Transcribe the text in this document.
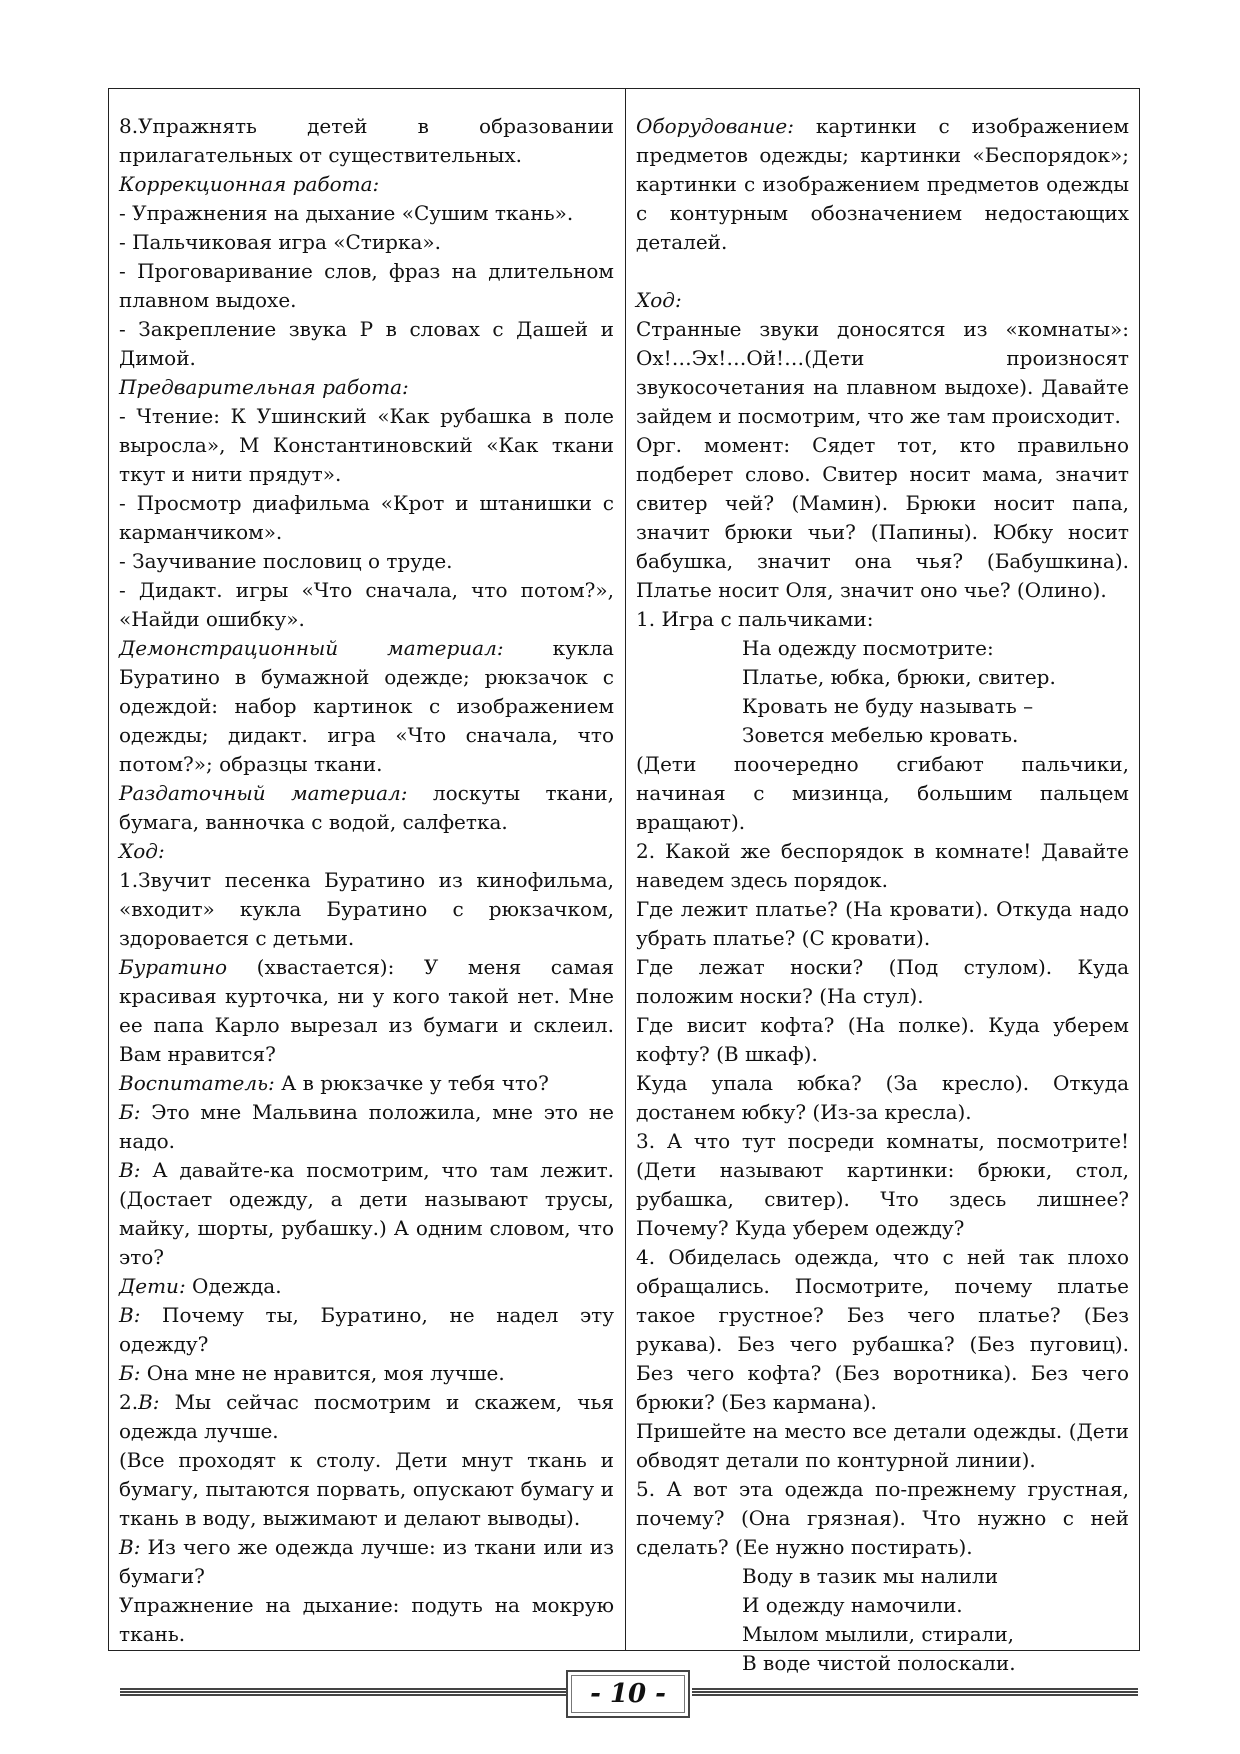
8.Упражнять детей в образовании прилагательных от существительных.

Коррекционная работа:

- Упражнения на дыхание «Сушим ткань».

- Пальчиковая игра «Стирка».

- Проговаривание слов, фраз на длительном плавном выдохе.

- Закрепление звука Р в словах с Дашей и Димой.

Предварительная работа:

- Чтение: К Ушинский «Как рубашка в поле выросла», М Константиновский «Как ткани ткут и нити прядут».

- Просмотр диафильма «Крот и штанишки с карманчиком».

- Заучивание пословиц о труде.

- Дидакт. игры «Что сначала, что потом?», «Найди ошибку».

Демонстрационный материал: кукла Буратино в бумажной одежде; рюкзачок с одеждой: набор картинок с изображением одежды; дидакт. игра «Что сначала, что потом?»; образцы ткани.

Раздаточный материал: лоскуты ткани, бумага, ванночка с водой, салфетка.

Ход:

1.Звучит песенка Буратино из кинофильма, «входит» кукла Буратино с рюкзачком, здоровается с детьми.

Буратино (хвастается): У меня самая красивая курточка, ни у кого такой нет. Мне ее папа Карло вырезал из бумаги и склеил. Вам нравится?

Воспитатель: А в рюкзачке у тебя что?

Б: Это мне Мальвина положила, мне это не надо.

В: А давайте-ка посмотрим, что там лежит. (Достает одежду, а дети называют трусы, майку, шорты, рубашку.) А одним словом, что это?

Дети: Одежда.

В: Почему ты, Буратино, не надел эту одежду?

Б: Она мне не нравится, моя лучше.

2.В: Мы сейчас посмотрим и скажем, чья одежда лучше.

(Все проходят к столу. Дети мнут ткань и бумагу, пытаются порвать, опускают бумагу и ткань в воду, выжимают и делают выводы).

В: Из чего же одежда лучше: из ткани или из бумаги?

Упражнение на дыхание: подуть на мокрую ткань.

Оборудование: картинки с изображением предметов одежды; картинки «Беспорядок»; картинки с изображением предметов одежды с контурным обозначением недостающих деталей.

Ход:

Странные звуки доносятся из «комнаты»: Ох!…Эх!…Ой!…(Дети произносят звукосочетания на плавном выдохе). Давайте зайдем и посмотрим, что же там происходит.

Орг. момент: Сядет тот, кто правильно подберет слово. Свитер носит мама, значит свитер чей? (Мамин). Брюки носит папа, значит брюки чьи? (Папины). Юбку носит бабушка, значит она чья? (Бабушкина). Платье носит Оля, значит оно чье? (Олино).

1. Игра с пальчиками:

На одежду посмотрите:

Платье, юбка, брюки, свитер.

Кровать не буду называть –

Зовется мебелью кровать.

(Дети поочередно сгибают пальчики, начиная с мизинца, большим пальцем вращают).

2. Какой же беспорядок в комнате! Давайте наведем здесь порядок.

Где лежит платье? (На кровати). Откуда надо убрать платье? (С кровати).

Где лежат носки? (Под стулом). Куда положим носки? (На стул).

Где висит кофта? (На полке). Куда уберем кофту? (В шкаф).

Куда упала юбка? (За кресло). Откуда достанем юбку? (Из-за кресла).

3. А что тут посреди комнаты, посмотрите! (Дети называют картинки: брюки, стол, рубашка, свитер). Что здесь лишнее? Почему? Куда уберем одежду?

4. Обиделась одежда, что с ней так плохо обращались. Посмотрите, почему платье такое грустное? Без чего платье? (Без рукава). Без чего рубашка? (Без пуговиц). Без чего кофта? (Без воротника). Без чего брюки? (Без кармана).

Пришейте на место все детали одежды. (Дети обводят детали по контурной линии).

5. А вот эта одежда по-прежнему грустная, почему? (Она грязная). Что нужно с ней сделать? (Ее нужно постирать).

Воду в тазик мы налили

И одежду намочили.

Мылом мылили, стирали,

В воде чистой полоскали.

- 10 -
